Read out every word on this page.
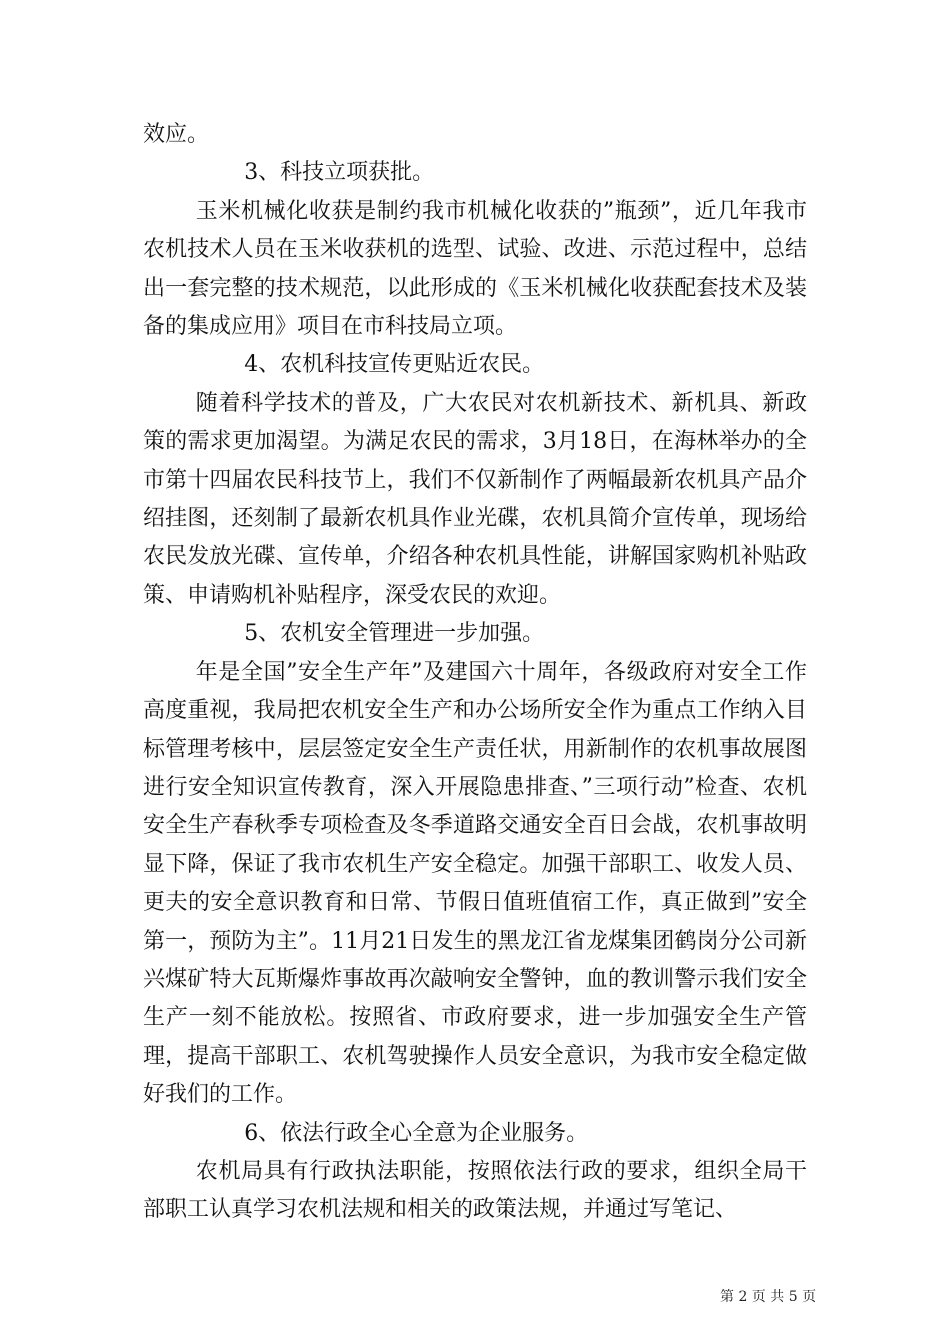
效应。

3、科技立项获批。

玉米机械化收获是制约我市机械化收获的”瓶颈”，近几年我市农机技术人员在玉米收获机的选型、试验、改进、示范过程中，总结出一套完整的技术规范，以此形成的《玉米机械化收获配套技术及装备的集成应用》项目在市科技局立项。

4、农机科技宣传更贴近农民。

随着科学技术的普及，广大农民对农机新技术、新机具、新政策的需求更加渴望。为满足农民的需求，3月18日，在海林举办的全市第十四届农民科技节上，我们不仅新制作了两幅最新农机具产品介绍挂图，还刻制了最新农机具作业光碟，农机具简介宣传单，现场给农民发放光碟、宣传单，介绍各种农机具性能，讲解国家购机补贴政策、申请购机补贴程序，深受农民的欢迎。

5、农机安全管理进一步加强。

年是全国”安全生产年”及建国六十周年，各级政府对安全工作高度重视，我局把农机安全生产和办公场所安全作为重点工作纳入目标管理考核中，层层签定安全生产责任状，用新制作的农机事故展图进行安全知识宣传教育，深入开展隐患排查、”三项行动”检查、农机安全生产春秋季专项检查及冬季道路交通安全百日会战，农机事故明显下降，保证了我市农机生产安全稳定。加强干部职工、收发人员、更夫的安全意识教育和日常、节假日值班值宿工作，真正做到”安全第一，预防为主”。11月21日发生的黑龙江省龙煤集团鹤岗分公司新兴煤矿特大瓦斯爆炸事故再次敲响安全警钟，血的教训警示我们安全生产一刻不能放松。按照省、市政府要求，进一步加强安全生产管理，提高干部职工、农机驾驶操作人员安全意识，为我市安全稳定做好我们的工作。

6、依法行政全心全意为企业服务。

农机局具有行政执法职能，按照依法行政的要求，组织全局干部职工认真学习农机法规和相关的政策法规，并通过写笔记、

第 2 页 共 5 页
